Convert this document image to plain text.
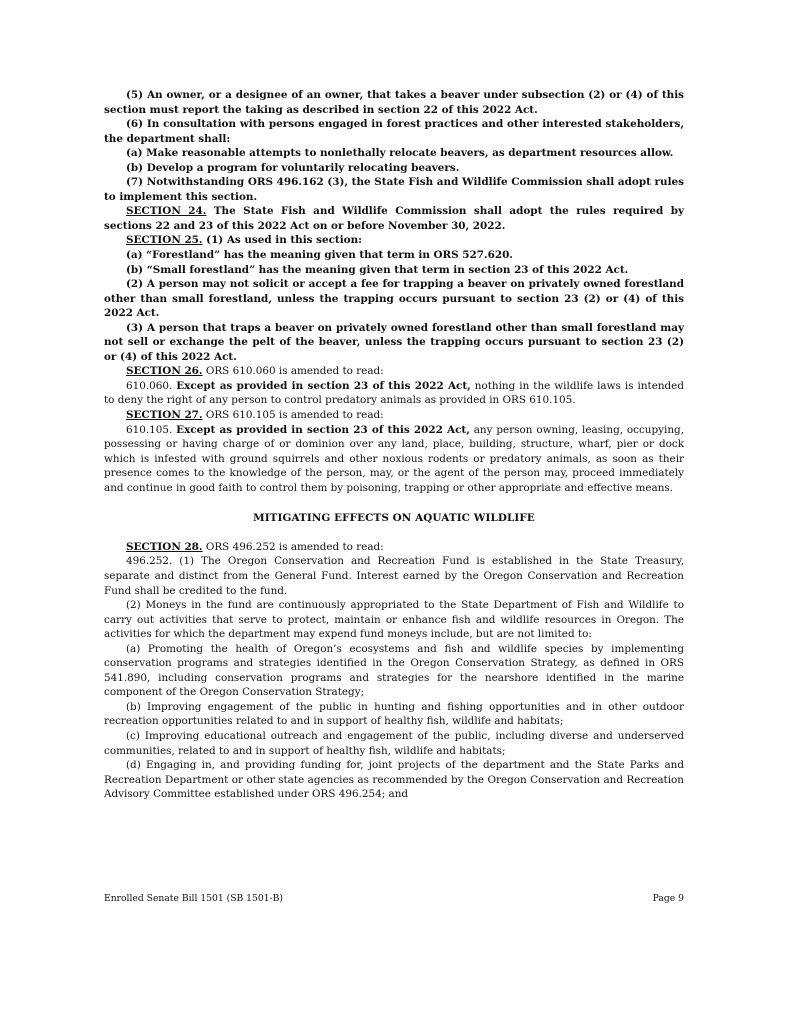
(5) An owner, or a designee of an owner, that takes a beaver under subsection (2) or (4) of this section must report the taking as described in section 22 of this 2022 Act.

(6) In consultation with persons engaged in forest practices and other interested stakeholders, the department shall:

(a) Make reasonable attempts to nonlethally relocate beavers, as department resources allow.

(b) Develop a program for voluntarily relocating beavers.

(7) Notwithstanding ORS 496.162 (3), the State Fish and Wildlife Commission shall adopt rules to implement this section.

SECTION 24. The State Fish and Wildlife Commission shall adopt the rules required by sections 22 and 23 of this 2022 Act on or before November 30, 2022.

SECTION 25. (1) As used in this section:

(a) “Forestland” has the meaning given that term in ORS 527.620.

(b) “Small forestland” has the meaning given that term in section 23 of this 2022 Act.

(2) A person may not solicit or accept a fee for trapping a beaver on privately owned forestland other than small forestland, unless the trapping occurs pursuant to section 23 (2) or (4) of this 2022 Act.

(3) A person that traps a beaver on privately owned forestland other than small forestland may not sell or exchange the pelt of the beaver, unless the trapping occurs pursuant to section 23 (2) or (4) of this 2022 Act.

SECTION 26. ORS 610.060 is amended to read:

610.060. Except as provided in section 23 of this 2022 Act, nothing in the wildlife laws is intended to deny the right of any person to control predatory animals as provided in ORS 610.105.

SECTION 27. ORS 610.105 is amended to read:

610.105. Except as provided in section 23 of this 2022 Act, any person owning, leasing, occupying, possessing or having charge of or dominion over any land, place, building, structure, wharf, pier or dock which is infested with ground squirrels and other noxious rodents or predatory animals, as soon as their presence comes to the knowledge of the person, may, or the agent of the person may, proceed immediately and continue in good faith to control them by poisoning, trapping or other appropriate and effective means.

MITIGATING EFFECTS ON AQUATIC WILDLIFE

SECTION 28. ORS 496.252 is amended to read:

496.252. (1) The Oregon Conservation and Recreation Fund is established in the State Treasury, separate and distinct from the General Fund. Interest earned by the Oregon Conservation and Recreation Fund shall be credited to the fund.

(2) Moneys in the fund are continuously appropriated to the State Department of Fish and Wildlife to carry out activities that serve to protect, maintain or enhance fish and wildlife resources in Oregon. The activities for which the department may expend fund moneys include, but are not limited to:

(a) Promoting the health of Oregon’s ecosystems and fish and wildlife species by implementing conservation programs and strategies identified in the Oregon Conservation Strategy, as defined in ORS 541.890, including conservation programs and strategies for the nearshore identified in the marine component of the Oregon Conservation Strategy;

(b) Improving engagement of the public in hunting and fishing opportunities and in other outdoor recreation opportunities related to and in support of healthy fish, wildlife and habitats;

(c) Improving educational outreach and engagement of the public, including diverse and underserved communities, related to and in support of healthy fish, wildlife and habitats;

(d) Engaging in, and providing funding for, joint projects of the department and the State Parks and Recreation Department or other state agencies as recommended by the Oregon Conservation and Recreation Advisory Committee established under ORS 496.254; and

Enrolled Senate Bill 1501 (SB 1501-B)	Page 9
